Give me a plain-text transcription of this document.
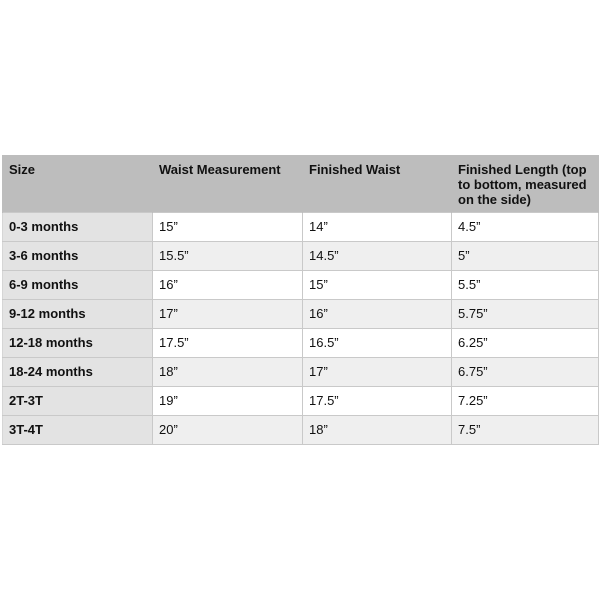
Size	Waist Measurement	Finished Waist	Finished Length (top to bottom, measured on the side)
0-3 months	15”	14”	4.5”
3-6 months	15.5”	14.5”	5”
6-9 months	16”	15”	5.5”
9-12 months	17”	16”	5.75”
12-18 months	17.5”	16.5”	6.25”
18-24 months	18”	17”	6.75”
2T-3T	19”	17.5”	7.25”
3T-4T	20”	18”	7.5”
